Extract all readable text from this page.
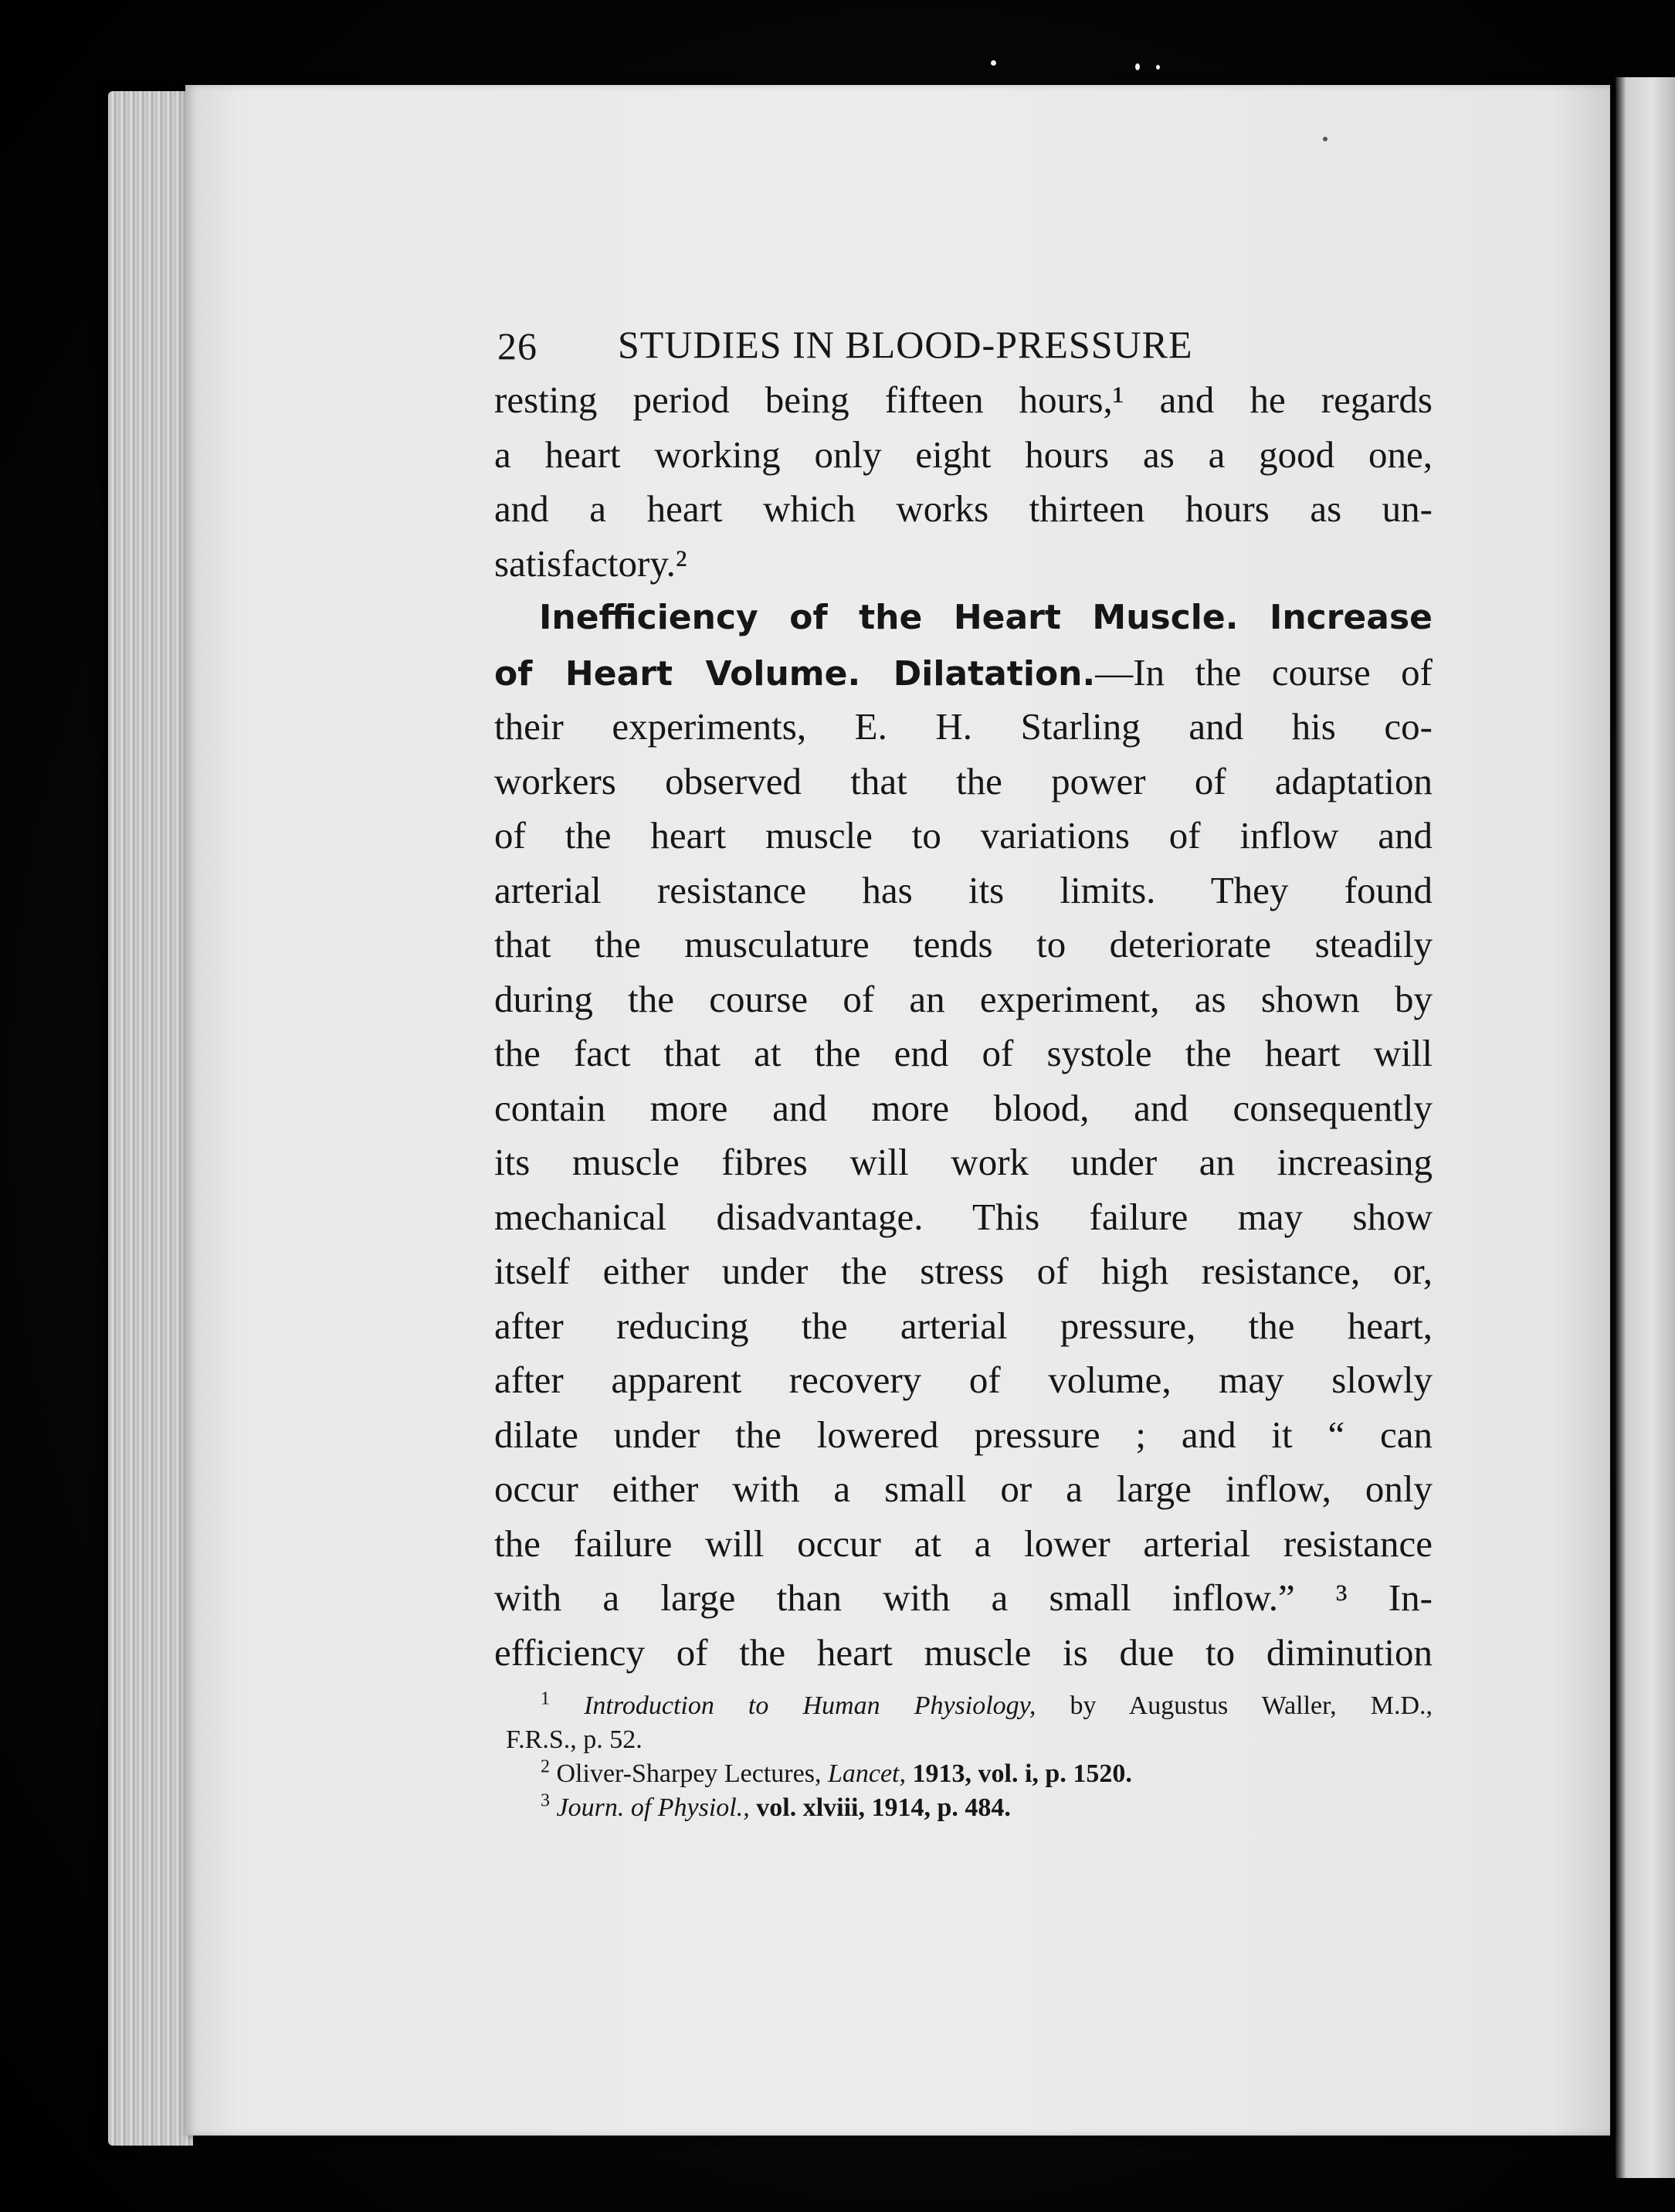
26 STUDIES IN BLOOD-PRESSURE
resting period being fifteen hours,¹ and he regards
a heart working only eight hours as a good one,
and a heart which works thirteen hours as un-
satisfactory.²
Inefficiency of the Heart Muscle. Increase
of Heart Volume. Dilatation.—In the course of
their experiments, E. H. Starling and his co-
workers observed that the power of adaptation
of the heart muscle to variations of inflow and
arterial resistance has its limits. They found
that the musculature tends to deteriorate steadily
during the course of an experiment, as shown by
the fact that at the end of systole the heart will
contain more and more blood, and consequently
its muscle fibres will work under an increasing
mechanical disadvantage. This failure may show
itself either under the stress of high resistance, or,
after reducing the arterial pressure, the heart,
after apparent recovery of volume, may slowly
dilate under the lowered pressure ; and it “ can
occur either with a small or a large inflow, only
the failure will occur at a lower arterial resistance
with a large than with a small inflow.” ³ In-
efficiency of the heart muscle is due to diminution
$^1$ Introduction to Human Physiology, by Augustus Waller, M.D.,
F.R.S., p. 52.
$^2$ Oliver-Sharpey Lectures, Lancet, 1913, vol. i, p. 1520.
$^3$ Journ. of Physiol., vol. xlviii, 1914, p. 484.
